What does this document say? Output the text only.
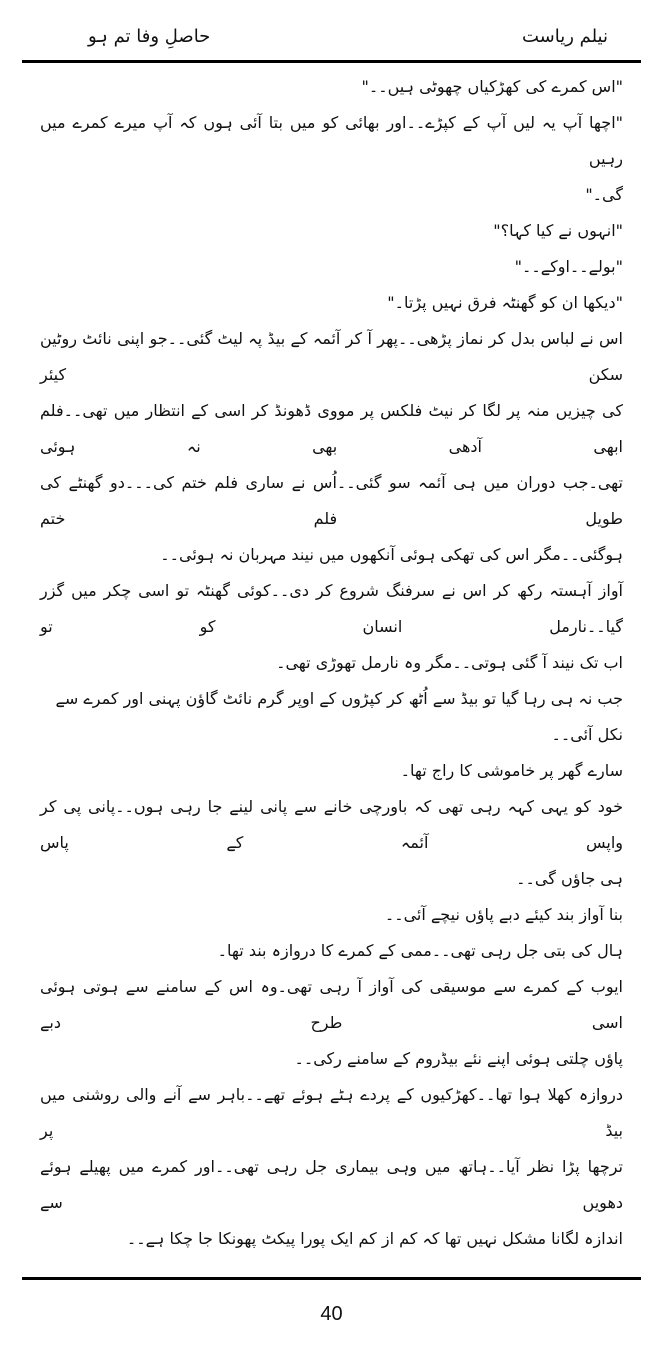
حاصلِ وفا تم ہو	نیلم ریاست
"اس کمرے کی کھڑکیاں چھوٹی ہیں۔۔"
"اچھا آپ یہ لیں آپ کے کپڑے۔۔اور بھائی کو میں بتا آئی ہوں کہ آپ میرے کمرے میں رہیں
گی۔"
"انہوں نے کیا کہا؟"
"بولے۔۔اوکے۔۔"
"دیکھا ان کو گھنٹہ فرق نہیں پڑتا۔"
اس نے لباس بدل کر نماز پڑھی۔۔پھر آ کر آئمہ کے بیڈ پہ لیٹ گئی۔۔جو اپنی نائٹ روٹین سکن کیئر
کی چیزیں منہ پر لگا کر نیٹ فلکس پر مووی ڈھونڈ کر اسی کے انتظار میں تھی۔۔فلم ابھی آدھی بھی نہ ہوئی
تھی۔جب دوران میں ہی آئمہ سو گئی۔۔اُس نے ساری فلم ختم کی۔۔۔دو گھنٹے کی طویل فلم ختم
ہوگئی۔۔مگر اس کی تھکی ہوئی آنکھوں میں نیند مہربان نہ ہوئی۔۔
آواز آہستہ رکھ کر اس نے سرفنگ شروع کر دی۔۔کوئی گھنٹہ تو اسی چکر میں گزر گیا۔۔نارمل انسان کو تو
اب تک نیند آ گئی ہوتی۔۔مگر وہ نارمل تھوڑی تھی۔
جب نہ ہی رہا گیا تو بیڈ سے اُٹھ کر کپڑوں کے اوپر گرم نائٹ گاؤن پہنی اور کمرے سے نکل آئی۔۔
سارے گھر پر خاموشی کا راج تھا۔
خود کو یہی کہہ رہی تھی کہ باورچی خانے سے پانی لینے جا رہی ہوں۔۔پانی پی کر واپس آئمہ کے پاس
ہی جاؤں گی۔۔
بنا آواز بند کیئے دبے پاؤں نیچے آئی۔۔
ہال کی بتی جل رہی تھی۔۔ممی کے کمرے کا دروازہ بند تھا۔
ایوب کے کمرے سے موسیقی کی آواز آ رہی تھی۔وہ اس کے سامنے سے ہوتی ہوئی اسی طرح دبے
پاؤں چلتی ہوئی اپنے نئے بیڈروم کے سامنے رکی۔۔
دروازہ کھلا ہوا تھا۔۔کھڑکیوں کے پردے ہٹے ہوئے تھے۔۔باہر سے آنے والی روشنی میں بیڈ پر
ترچھا پڑا نظر آیا۔۔ہاتھ میں وہی بیماری جل رہی تھی۔۔اور کمرے میں پھیلے ہوئے دھویں سے
اندازہ لگانا مشکل نہیں تھا کہ کم از کم ایک پورا پیکٹ پھونکا جا چکا ہے۔۔
40
